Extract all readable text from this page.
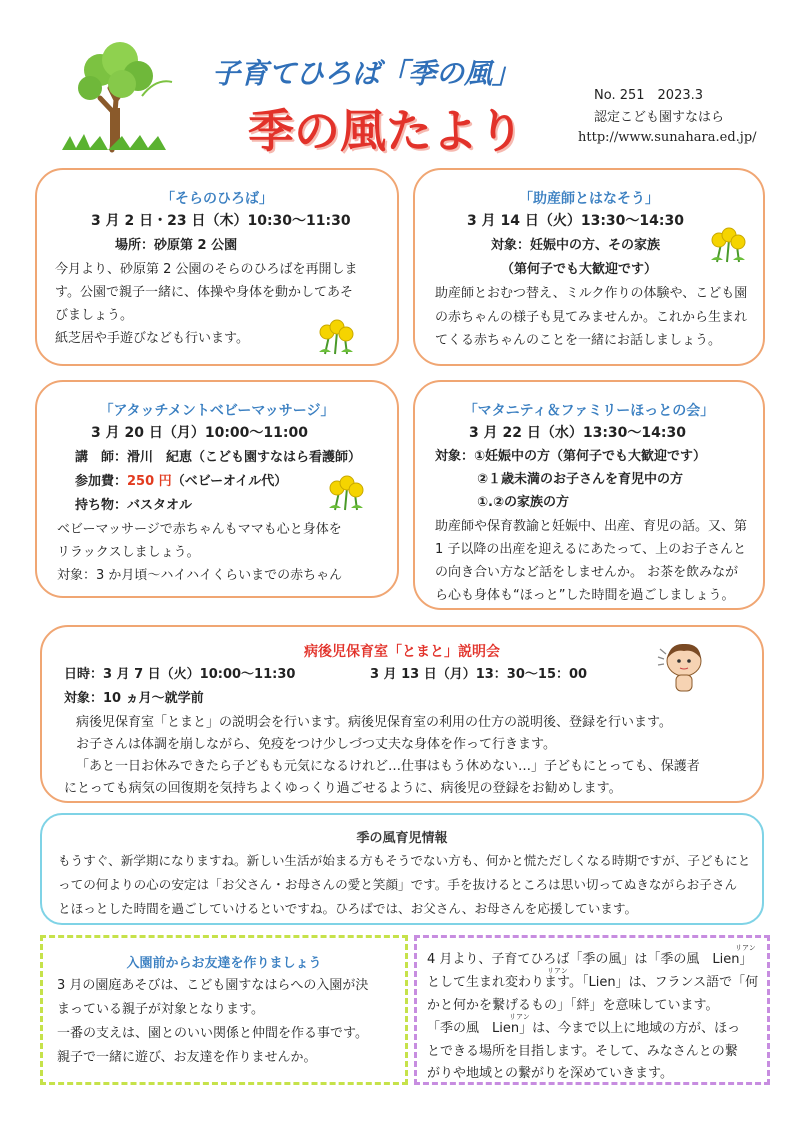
子育てひろば「季の風」
季の風たより
No. 251　2023.3
認定こども園すなはら
http://www.sunahara.ed.jp/
「そらのひろば」
3 月 2 日・23 日（木）10:30～11:30
場所：砂原第 2 公園
今月より、砂原第 2 公園のそらのひろばを再開しま
す。公園で親子一緒に、体操や身体を動かしてあそ
びましょう。
紙芝居や手遊びなども行います。
「助産師とはなそう」
3 月 14 日（火）13:30～14:30
対象：妊娠中の方、その家族
（第何子でも大歓迎です）
助産師とおむつ替え、ミルク作りの体験や、こども園
の赤ちゃんの様子も見てみませんか。これから生まれ
てくる赤ちゃんのことを一緒にお話しましょう。
「アタッチメントベビーマッサージ」
3 月 20 日（月）10:00～11:00
講　師：滑川　紀恵（こども園すなはら看護師）
参加費：250 円（ベビーオイル代）
持ち物：バスタオル
ベビーマッサージで赤ちゃんもママも心と身体を
リラックスしましょう。
対象：3 か月頃～ハイハイくらいまでの赤ちゃん
「マタニティ＆ファミリーほっとの会」
3 月 22 日（水）13:30～14:30
対象：①妊娠中の方（第何子でも大歓迎です）
②１歳未満のお子さんを育児中の方
①.②の家族の方
助産師や保育教諭と妊娠中、出産、育児の話。又、第
1 子以降の出産を迎えるにあたって、上のお子さんと
の向き合い方など話をしませんか。 お茶を飲みなが
ら心も身体も“ほっと”した時間を過ごしましょう。
病後児保育室「とまと」説明会
日時：3 月 7 日（火）10:00～11:30	3 月 13 日（月）13：30～15：00
対象：10 ヵ月～就学前
病後児保育室「とまと」の説明会を行います。病後児保育室の利用の仕方の説明後、登録を行います。
お子さんは体調を崩しながら、免疫をつけ少しづつ丈夫な身体を作って行きます。
「あと一日お休みできたら子どもも元気になるけれど…仕事はもう休めない…」子どもにとっても、保護者
にとっても病気の回復期を気持ちよくゆっくり過ごせるように、病後児の登録をお勧めします。
季の風育児情報
もうすぐ、新学期になりますね。新しい生活が始まる方もそうでない方も、何かと慌ただしくなる時期ですが、子どもにと
っての何よりの心の安定は「お父さん・お母さんの愛と笑顔」です。手を抜けるところは思い切ってぬきながらお子さん
とほっとした時間を過ごしていけるといですね。ひろばでは、お父さん、お母さんを応援しています。
入園前からお友達を作りましょう
3 月の園庭あそびは、こども園すなはらへの入園が決
まっている親子が対象となります。
一番の支えは、園とのいい関係と仲間を作る事です。
親子で一緒に遊び、お友達を作りませんか。
リアン
4 月より、子育てひろば「季の風」は「季の風　Lien」
リアン
として生まれ変わります。「Lien」は、フランス語で「何
かと何かを繋げるもの」「絆」を意味しています。
リアン
「季の風　Lien」は、今まで以上に地域の方が、ほっ
とできる場所を目指します。そして、みなさんとの繋
がりや地域との繋がりを深めていきます。
